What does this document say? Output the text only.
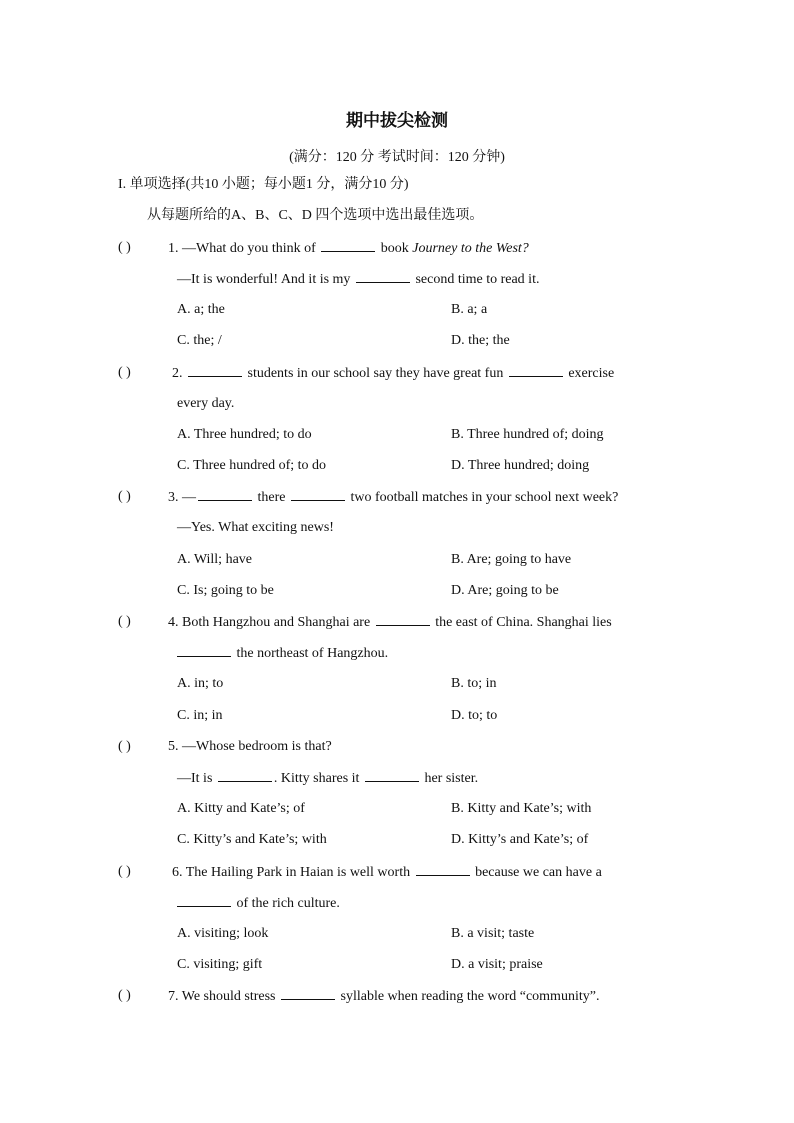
期中拔尖检测
(满分：120 分 考试时间：120 分钟)
I. 单项选择(共10 小题；每小题1 分，满分10 分)
从每题所给的A、B、C、D 四个选项中选出最佳选项。
( )	1. —What do you think of	book Journey to the West?
—It is wonderful! And it is my	second time to read it.
A. a; the	B. a; a
C. the; /	D. the; the
( )	2.	students in our school say they have great fun	exercise
every day.
A. Three hundred; to do	B. Three hundred of; doing
C. Three hundred of; to do	D. Three hundred; doing
( )	3. —	there	two football matches in your school next week?
—Yes. What exciting news!
A. Will; have	B. Are; going to have
C. Is; going to be	D. Are; going to be
( )	4. Both Hangzhou and Shanghai are	the east of China. Shanghai lies
the northeast of Hangzhou.
A. in; to	B. to; in
C. in; in	D. to; to
( )	5. —Whose bedroom is that?
—It is	. Kitty shares it	her sister.
A. Kitty and Kate’s; of	B. Kitty and Kate’s; with
C. Kitty’s and Kate’s; with	D. Kitty’s and Kate’s; of
( )	6. The Hailing Park in Haian is well worth	because we can have a
of the rich culture.
A. visiting; look	B. a visit; taste
C. visiting; gift	D. a visit; praise
( )	7. We should stress	syllable when reading the word “community”.
